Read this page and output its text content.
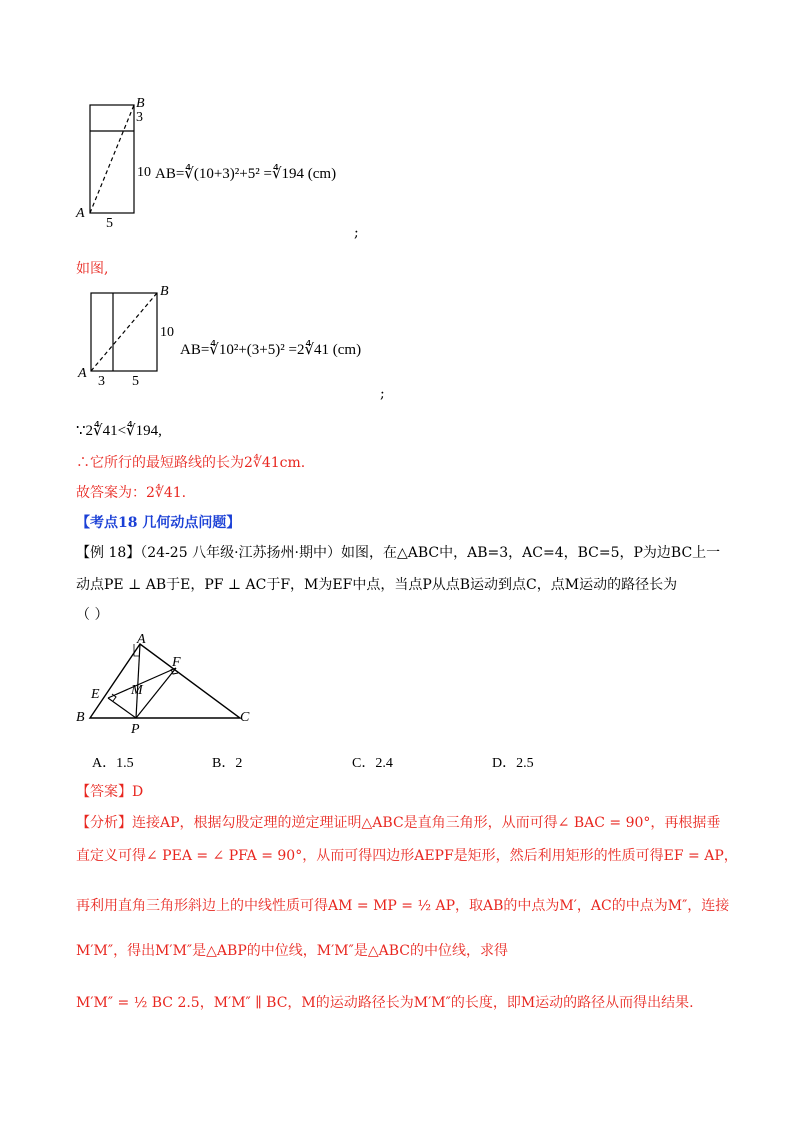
B
3
10
A
5
AB=∜(10+3)²+5² =∜194 (cm)
;
如图,
B
10
A
3 5
AB=∜10²+(3+5)² =2∜41 (cm)
;
∵2∜41<∜194,
∴它所行的最短路线的长为2∜41cm.
故答案为：2∜41.
【考点18 几何动点问题】
【例 18】（24-25 八年级·江苏扬州·期中）如图，在△ABC中，AB=3，AC=4，BC=5，P为边BC上一
动点PE ⊥ AB于E，PF ⊥ AC于F，M为EF中点，当点P从点B运动到点C，点M运动的路径长为
（ ）
A
F
E M
B
P
C
A．1.5	B．2	C．2.4	D．2.5
【答案】D
【分析】连接AP，根据勾股定理的逆定理证明△ABC是直角三角形，从而可得∠ BAC = 90°，再根据垂
直定义可得∠ PEA = ∠ PFA = 90°，从而可得四边形AEPF是矩形，然后利用矩形的性质可得EF = AP，
再利用直角三角形斜边上的中线性质可得AM = MP = ½ AP，取AB的中点为M′，AC的中点为M″，连接
M′M″，得出M′M″是△ABP的中位线，M′M″是△ABC的中位线，求得
M′M″ = ½ BC 2.5，M′M″ ∥ BC，M的运动路径长为M′M″的长度，即M运动的路径从而得出结果.
